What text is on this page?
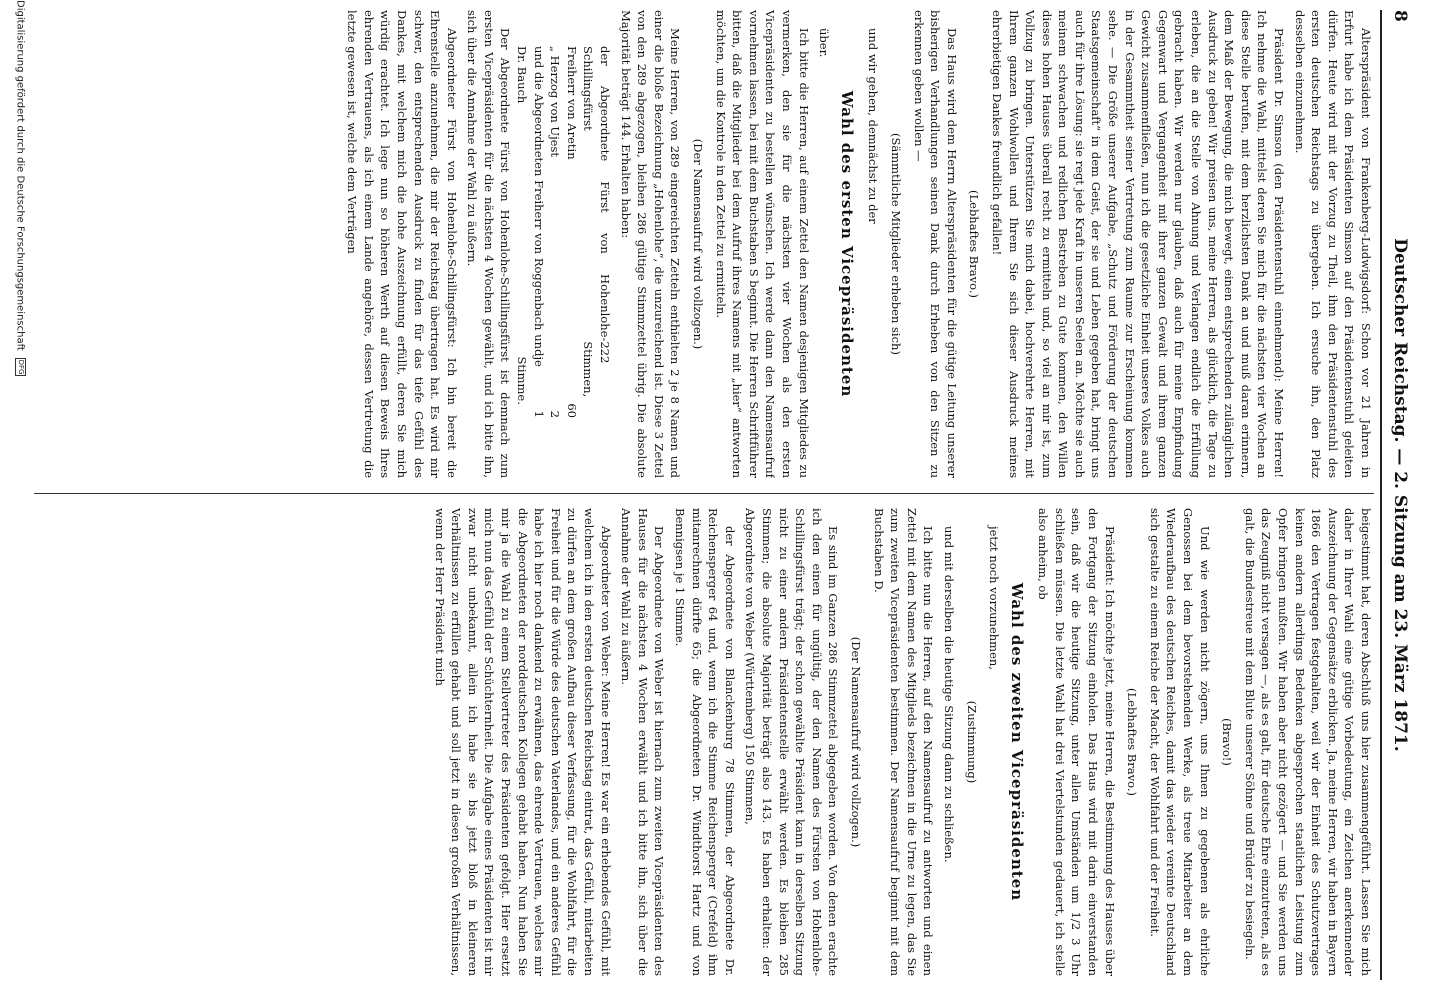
8
Deutscher Reichstag. — 2. Sitzung am 23. März 1871.

Alterspräsident von Frankenberg-Ludwigsdorf: Schon vor 21 Jahren in Erfurt habe ich dem Präsidenten Simson auf den Präsidentenstuhl geleiten dürfen. Heute wird mit der Vorzug zu Theil, ihm den Präsidentenstuhl des ersten deutschen Reichstags zu übergeben. Ich ersuche ihn, den Platz desselben einzunehmen.

Präsident Dr. Simson (den Präsidentenstuhl einnehmend): Meine Herren! Ich nehme die Wahl, mittelst deren Sie mich für die nächsten vier Wochen an diese Stelle berufen, mit dem herzlichsten Dank an und muß daran erinnern, dem Maß der Bewegung, die mich bewegt, einen entsprechenden zulänglichen Ausdruck zu geben! Wir preisen uns, meine Herren, als glücklich, die Tage zu erleben, die an die Stelle von Ahnung und Verlangen endlich die Erfüllung gebracht haben. Wir werden nur glauben, daß auch für meine Empfindung Gegenwart und Vergangenheit mit ihrer ganzen Gewalt und ihrem ganzen Gewicht zusammenfließen, nun ich die gesetzliche Einheit unseres Volkes auch in der Gesammtheit seiner Vertretung zum Raume zur Erscheinung kommen sehe. — Die Größe unserer Aufgabe, „Schutz und Förderung der deutschen Staatsgemeinschaft“ in dem Geist, der sie und Leben gegeben hat, bringt uns auch für ihre Lösung: sie regt jede Kraft in unseren Seelen an. Möchte sie auch meinem schwachen und redlichen Bestreben zu Gute kommen, den Willen dieses hohen Hauses überall recht zu ermitteln und, so viel an mir ist, zum Vollzug zu bringen. Unterstützen Sie mich dabei, hochverehrte Herren, mit Ihrem ganzen Wohlwollen und Ihrem Sie sich dieser Ausdruck meines ehrerbietigen Dankes freundlich gefallen!

(Lebhaftes Bravo.)

Das Haus wird dem Herrn Alterspräsidenten für die gütige Leitung unserer bisherigen Verhandlungen seinen Dank durch Erheben von den Sitzen zu erkennen geben wollen —

(Sämmtliche Mitglieder erheben sich)

und wir gehen, demnächst zu der

Wahl des ersten Vicepräsidenten

über.

Ich bitte die Herren, auf einem Zettel den Namen desjenigen Mitgliedes zu vermerken, den sie für die nächsten vier Wochen als den ersten Vicepräsidenten zu bestellen wünschen. Ich werde dann den Namensaufruf vornehmen lassen, bei mit dem Buchstaben S beginnt. Die Herren Schriftführer bitten, daß die Mitglieder bei dem Aufruf ihres Namens mit „hier“ antworten möchten, um die Kontrole in den Zettel zu ermitteln.

(Der Namensaufruf wird vollzogen.)

Meine Herren, von 289 eingereichten Zetteln enthielten 2 je 8 Namen und einer die bloße Bezeichnung „Hohenlohe“, die unzureichend ist. Diese 3 Zettel von den 289 abgezogen, bleiben 286 gültige Stimmzettel übrig. Die absolute Majorität beträgt 144. Erhalten haben:

der Abgeordnete Fürst von Hohenlohe-Schillingsfürst
222 Stimmen,

Freiherr von Aretin
60

„ Herzog von Ujest
2

und die Abgeordneten Freiherr von Roggenbach und Dr. Bauch
je 1 Stimme.

Der Abgeordnete Fürst von Hohenlohe-Schillingsfürst ist demnach zum ersten Vicepräsidenten für die nächsten 4 Wochen gewählt, und ich bitte ihn, sich über die Annahme der Wahl zu äußern.

Abgeordneter Fürst von Hohenlohe-Schillingsfürst: Ich bin bereit die Ehrenstelle anzunehmen, die mir der Reichstag übertragen hat. Es wird mir schwer, den entsprechenden Ausdruck zu finden für das tiefe Gefühl des Dankes, mit welchem mich die hohe Auszeichnung erfüllt, deren Sie mich würdig erachtet. Ich lege nun so höheren Werth auf diesen Beweis Ihres ehrenden Vertrauens, als ich einem Lande angehöre, dessen Vertretung die letzte gewesen ist, welche dem Verträgen

beigestimmt hat, deren Abschluß uns hier zusammengeführt. Lassen Sie mich daher in Ihrer Wahl eine gütige Vorbedeutung, ein Zeichen anerkennender Auszeichnung der Gegensätze erblicken. Ja, meine Herren, wir haben in Bayern 1866 den Vertragen festgehalten, weil wir der Einheit des Schutzvertrages keinen andern allerdings Bedenken abgesprochen staatlichen Leistung zum Opfer bringen mußten. Wir haben aber nicht gezögert — und Sie werden uns das Zeugniß nicht versagen —, als es galt, für deutsche Ehre einzutreten, als es galt, die Bundestreue mit dem Blute unserer Söhne und Brüder zu besiegeln.

(Bravo!)

Und wie werden nicht zögern, uns Ihnen zu gegebenen als ehrliche Genossen bei dem bevorstehenden Werke, als treue Mitarbeiter an dem Wiederaufbau des deutschen Reiches, damit das wieder vereinte Deutschland sich gestalte zu einem Reiche der Macht, der Wohlfahrt und der Freiheit.

(Lebhaftes Bravo.)

Präsident: Ich möchte jetzt, meine Herren, die Bestimmung des Hauses über den Fortgang der Sitzung einholen. Das Haus wird mit darin einverstanden sein, daß wir die heutige Sitzung, unter allen Umständen um 1/2 3 Uhr schließen müssen. Die letzte Wahl hat drei Viertelstunden gedauert, ich stelle also anheim, ob

Wahl des zweiten Vicepräsidenten

jetzt noch vorzunehmen,

(Zustimmung)

und mit derselben die heutige Sitzung dann zu schließen.

Ich bitte nun die Herren, auf den Namensaufruf zu antworten und einen Zettel mit dem Namen des Mitglieds bezeichnen in die Urne zu legen, das Sie zum zweiten Vicepräsidenten bestimmen. Der Namensaufruf beginnt mit dem Buchstaben D.

(Der Namensaufruf wird vollzogen.)

Es sind im Ganzen 286 Stimmzettel abgegeben worden. Von denen erachte ich den einen für ungültig, der den Namen des Fürsten von Hohenlohe-Schillingsfürst trägt; der schon gewählte Präsident kann in derselben Sitzung nicht zu einer andern Präsidentenstelle erwählt werden. Es bleiben 285 Stimmen; die absolute Majorität beträgt also 143. Es haben erhalten: der Abgeordnete von Weber (Württemberg) 150 Stimmen,

der Abgeordnete von Blanckenburg 78 Stimmen, der Abgeordnete Dr. Reichensperger 64 und, wenn ich die Stimme Reichensperger (Crefeld) ihm mitanrechnen dürfte 65; die Abgeordneten Dr. Windthorst Hartz und von Bennigsen je 1 Stimme.

Der Abgeordnete von Weber ist hiernach zum zweiten Vicepräsidenten des Hauses für die nächsten 4 Wochen erwählt und ich bitte ihn, sich über die Annahme der Wahl zu äußern.

Abgeordneter von Weber: Meine Herren! Es war ein erhebendes Gefühl, mit welchem ich in den ersten deutschen Reichstag eintrat, das Gefühl, mitarbeiten zu dürfen an dem großen Aufbau dieser Verfassung, für die Wohlfahrt, für die Freiheit und für die Würde des deutschen Vaterlandes, und ein anderes Gefühl habe ich hier noch dankend zu erwähnen, das ehrende Vertrauen, welches mir die Abgeordneten der norddeutschen Kollegen gehabt haben. Nun haben Sie mir ja die Wahl zu einem Stellvertreter des Präsidenten gefolgt. Hier ersetzt mich nun das Gefühl der Schüchternheit. Die Aufgabe eines Präsidenten ist mir zwar nicht unbekannt, allein ich habe sie bis jetzt bloß in kleineren Verhältnissen zu erfüllen gehabt und soll jetzt in diesen großen Verhältnissen, wenn der Herr Präsident mich

Digitalisierung gefördert durch die Deutsche Forschungsgemeinschaft DFG
